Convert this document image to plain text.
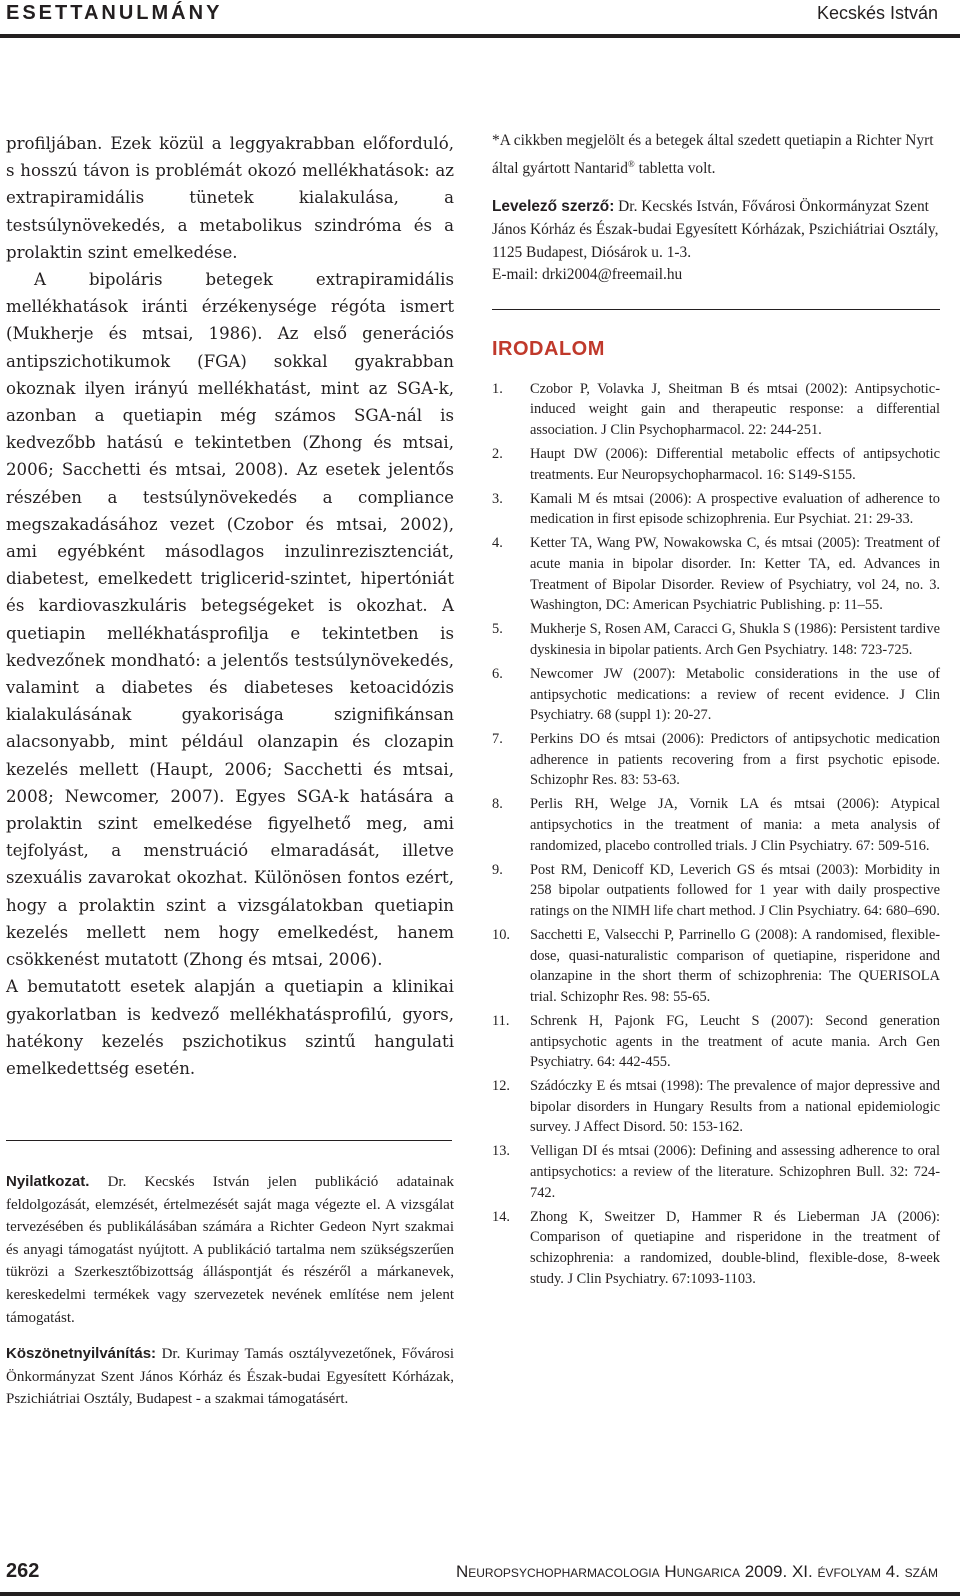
ESETTANULMÁNY	Kecskés István

profiljában. Ezek közül a leggyakrabban előforduló, s hosszú távon is problémát okozó mellékhatások: az extrapiramidális tünetek kialakulása, a testsúlynövekedés, a metabolikus szindróma és a prolaktin szint emelkedése.

A bipoláris betegek extrapiramidális mellékhatások iránti érzékenysége régóta ismert (Mukherje és mtsai, 1986). Az első generációs antipszichotikumok (FGA) sokkal gyakrabban okoznak ilyen irányú mellékhatást, mint az SGA-k, azonban a quetiapin még számos SGA-nál is kedvezőbb hatású e tekintetben (Zhong és mtsai, 2006; Sacchetti és mtsai, 2008). Az esetek jelentős részében a testsúlynövekedés a compliance megszakadásához vezet (Czobor és mtsai, 2002), ami egyébként másodlagos inzulinrezisztenciát, diabetest, emelkedett triglicerid-szintet, hipertóniát és kardiovaszkuláris betegségeket is okozhat. A quetiapin mellékhatásprofilja e tekintetben is kedvezőnek mondható: a jelentős testsúlynövekedés, valamint a diabetes és diabeteses ketoacidózis kialakulásának gyakorisága szignifikánsan alacsonyabb, mint például olanzapin és clozapin kezelés mellett (Haupt, 2006; Sacchetti és mtsai, 2008; Newcomer, 2007). Egyes SGA-k hatására a prolaktin szint emelkedése figyelhető meg, ami tejfolyást, a menstruáció elmaradását, illetve szexuális zavarokat okozhat. Különösen fontos ezért, hogy a prolaktin szint a vizsgálatokban quetiapin kezelés mellett nem hogy emelkedést, hanem csökkenést mutatott (Zhong és mtsai, 2006).

A bemutatott esetek alapján a quetiapin a klinikai gyakorlatban is kedvező mellékhatásprofilú, gyors, hatékony kezelés pszichotikus szintű hangulati emelkedettség esetén.

Nyilatkozat. Dr. Kecskés István jelen publikáció adatainak feldolgozását, elemzését, értelmezését saját maga végezte el. A vizsgálat tervezésében és publikálásában számára a Richter Gedeon Nyrt szakmai és anyagi támogatást nyújtott. A publikáció tartalma nem szükségszerűen tükrözi a Szerkesztőbizottság álláspontját és részéről a márkanevek, kereskedelmi termékek vagy szervezetek nevének említése nem jelent támogatást.

Köszönetnyilvánítás: Dr. Kurimay Tamás osztályvezetőnek, Fővárosi Önkormányzat Szent János Kórház és Észak-budai Egyesített Kórházak, Pszichiátriai Osztály, Budapest - a szakmai támogatásért.

*A cikkben megjelölt és a betegek által szedett quetiapin a Richter Nyrt által gyártott Nantarid® tabletta volt.

Levelező szerző: Dr. Kecskés István, Fővárosi Önkormányzat Szent János Kórház és Észak-budai Egyesített Kórházak, Pszichiátriai Osztály, 1125 Budapest, Diósárok u. 1-3.
E-mail: drki2004@freemail.hu
IRODALOM
1. Czobor P, Volavka J, Sheitman B és mtsai (2002): Antipsychotic-induced weight gain and therapeutic response: a differential association. J Clin Psychopharmacol. 22: 244-251.
2. Haupt DW (2006): Differential metabolic effects of antipsychotic treatments. Eur Neuropsychopharmacol. 16: S149-S155.
3. Kamali M és mtsai (2006): A prospective evaluation of adherence to medication in first episode schizophrenia. Eur Psychiat. 21: 29-33.
4. Ketter TA, Wang PW, Nowakowska C, és mtsai (2005): Treatment of acute mania in bipolar disorder. In: Ketter TA, ed. Advances in Treatment of Bipolar Disorder. Review of Psychiatry, vol 24, no. 3. Washington, DC: American Psychiatric Publishing. p: 11–55.
5. Mukherje S, Rosen AM, Caracci G, Shukla S (1986): Persistent tardive dyskinesia in bipolar patients. Arch Gen Psychiatry. 148: 723-725.
6. Newcomer JW (2007): Metabolic considerations in the use of antipsychotic medications: a review of recent evidence. J Clin Psychiatry. 68 (suppl 1): 20-27.
7. Perkins DO és mtsai (2006): Predictors of antipsychotic medication adherence in patients recovering from a first psychotic episode. Schizophr Res. 83: 53-63.
8. Perlis RH, Welge JA, Vornik LA és mtsai (2006): Atypical antipsychotics in the treatment of mania: a meta analysis of randomized, placebo controlled trials. J Clin Psychiatry. 67: 509-516.
9. Post RM, Denicoff KD, Leverich GS és mtsai (2003): Morbidity in 258 bipolar outpatients followed for 1 year with daily prospective ratings on the NIMH life chart method. J Clin Psychiatry. 64: 680–690.
10. Sacchetti E, Valsecchi P, Parrinello G (2008): A randomised, flexible-dose, quasi-naturalistic comparison of quetiapine, risperidone and olanzapine in the short therm of schizophrenia: The QUERISOLA trial. Schizophr Res. 98: 55-65.
11. Schrenk H, Pajonk FG, Leucht S (2007): Second generation antipsychotic agents in the treatment of acute mania. Arch Gen Psychiatry. 64: 442-455.
12. Szádóczky E és mtsai (1998): The prevalence of major depressive and bipolar disorders in Hungary Results from a national epidemiologic survey. J Affect Disord. 50: 153-162.
13. Velligan DI és mtsai (2006): Defining and assessing adherence to oral antipsychotics: a review of the literature. Schizophren Bull. 32: 724-742.
14. Zhong K, Sweitzer D, Hammer R és Lieberman JA (2006): Comparison of quetiapine and risperidone in the treatment of schizophrenia: a randomized, double-blind, flexible-dose, 8-week study. J Clin Psychiatry. 67:1093-1103.
262	Neuropsychopharmacologia Hungarica 2009. XI. évfolyam 4. szám
